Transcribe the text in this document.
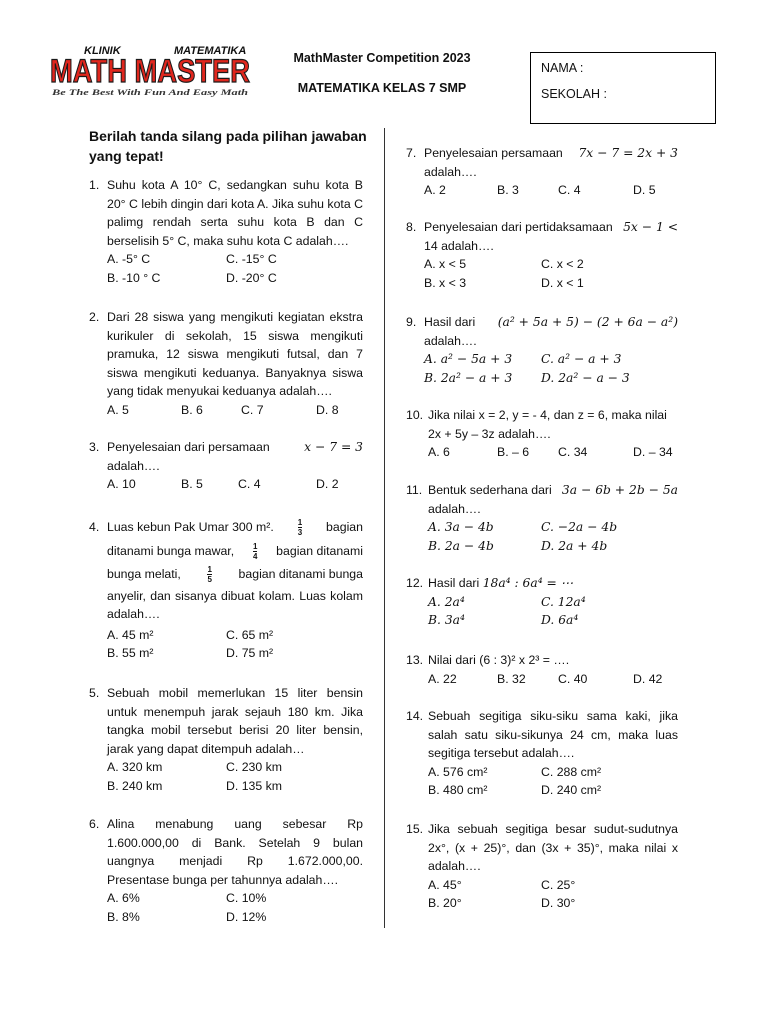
KLINIK	MATEMATIKA
MATH MASTER
Be The Best With Fun And Easy Math
MathMaster Competition 2023
MATEMATIKA KELAS 7 SMP
NAMA :
SEKOLAH :
Berilah tanda silang pada pilihan jawaban yang tepat!
1. Suhu kota A 10° C, sedangkan suhu kota B 20° C lebih dingin dari kota A. Jika suhu kota C palimg rendah serta suhu kota B dan C berselisih 5° C, maka suhu kota C adalah….
A. -5° C	C. -15° C
B. -10 ° C	D. -20° C
2. Dari 28 siswa yang mengikuti kegiatan ekstra kurikuler di sekolah, 15 siswa mengikuti pramuka, 12 siswa mengikuti futsal, dan 7 siswa mengikuti keduanya. Banyaknya siswa yang tidak menyukai keduanya adalah….
A. 5	B. 6	C. 7	D. 8
3. Penyelesaian dari persamaan	x − 7 = 3
adalah….
A. 10	B. 5	C. 4	D. 2
4. Luas kebun Pak Umar 300 m².	$\frac{1}{3}$ bagian
ditanami bunga mawar, $\frac{1}{4}$ bagian ditanami
bunga melati,	$\frac{1}{5}$ bagian ditanami bunga
anyelir, dan sisanya dibuat kolam. Luas kolam adalah….
A. 45 m²	C. 65 m²
B. 55 m²	D. 75 m²
5. Sebuah mobil memerlukan 15 liter bensin untuk menempuh jarak sejauh 180 km. Jika tangka mobil tersebut berisi 20 liter bensin, jarak yang dapat ditempuh adalah…
A. 320 km	C. 230 km
B. 240 km	D. 135 km
6. Alina menabung uang sebesar Rp 1.600.000,00 di Bank. Setelah 9 bulan uangnya menjadi Rp 1.672.000,00. Presentase bunga per tahunnya adalah….
A. 6%	C. 10%
B. 8%	D. 12%
7. Penyelesaian persamaan 7x − 7 = 2x + 3
adalah….
A. 2	B. 3	C. 4	D. 5
8. Penyelesaian dari pertidaksamaan 5x − 1 <
14 adalah….
A. x < 5	C. x < 2
B. x < 3	D. x < 1
9. Hasil dari (a² + 5a + 5) − (2 + 6a − a²)
adalah….
A. a² − 5a + 3 C. a² − a + 3
B. 2a² − a + 3 D. 2a² − a − 3
10. Jika nilai x = 2, y = - 4, dan z = 6, maka nilai 2x + 5y – 3z adalah….
A. 6	B. – 6 C. 34	D. – 34
11. Bentuk sederhana dari 3a − 6b + 2b − 5a
adalah….
A. 3a − 4b	C. −2a − 4b
B. 2a − 4b	D. 2a + 4b
12. Hasil dari 18a⁴ : 6a⁴ = ⋯
A. 2a⁴	C. 12a⁴
B. 3a⁴	D. 6a⁴
13. Nilai dari (6 : 3)² x 2³ = ….
A. 22	B. 32	C. 40	D. 42
14. Sebuah segitiga siku-siku sama kaki, jika salah satu siku-sikunya 24 cm, maka luas segitiga tersebut adalah….
A. 576 cm²	C. 288 cm²
B. 480 cm²	D. 240 cm²
15. Jika sebuah segitiga besar sudut-sudutnya 2x°, (x + 25)°, dan (3x + 35)°, maka nilai x adalah….
A. 45°	C. 25°
B. 20°	D. 30°
